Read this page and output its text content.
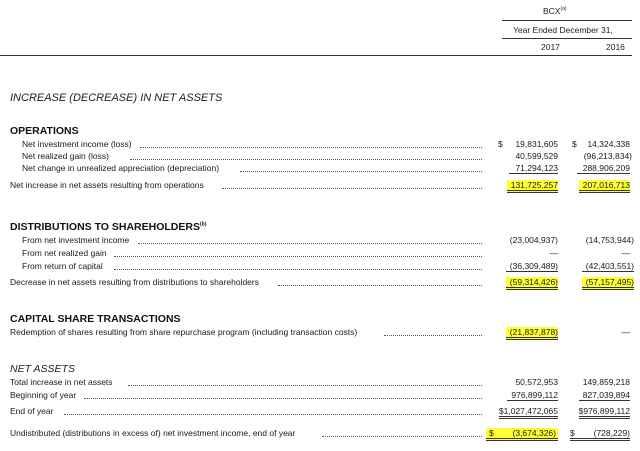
BCX$^{(a)}$
Year Ended December 31,
2017	2016
INCREASE (DECREASE) IN NET ASSETS
OPERATIONS
Net investment income (loss)	$ 19,831,605 $ 14,324,338
Net realized gain (loss)	40,599,529	(96,213,834)
Net change in unrealized appreciation (depreciation)	71,294,123	288,906,209
Net increase in net assets resulting from operations	131,725,257	207,016,713
DISTRIBUTIONS TO SHAREHOLDERS$^{(b)}$
From net investment income	(23,004,937)	(14,753,944)
From net realized gain	—	—
From return of capital	(36,309,489)	(42,403,551)
Decrease in net assets resulting from distributions to shareholders	(59,314,426)	(57,157,495)
CAPITAL SHARE TRANSACTIONS
Redemption of shares resulting from share repurchase program (including transaction costs)	(21,837,878)	—
NET ASSETS
Total increase in net assets	50,572,953	149,859,218
Beginning of year	976,899,112	827,039,894
End of year	$1,027,472,065 $976,899,112
Undistributed (distributions in excess of) net investment income, end of year	$ (3,674,326) $ (728,229)
